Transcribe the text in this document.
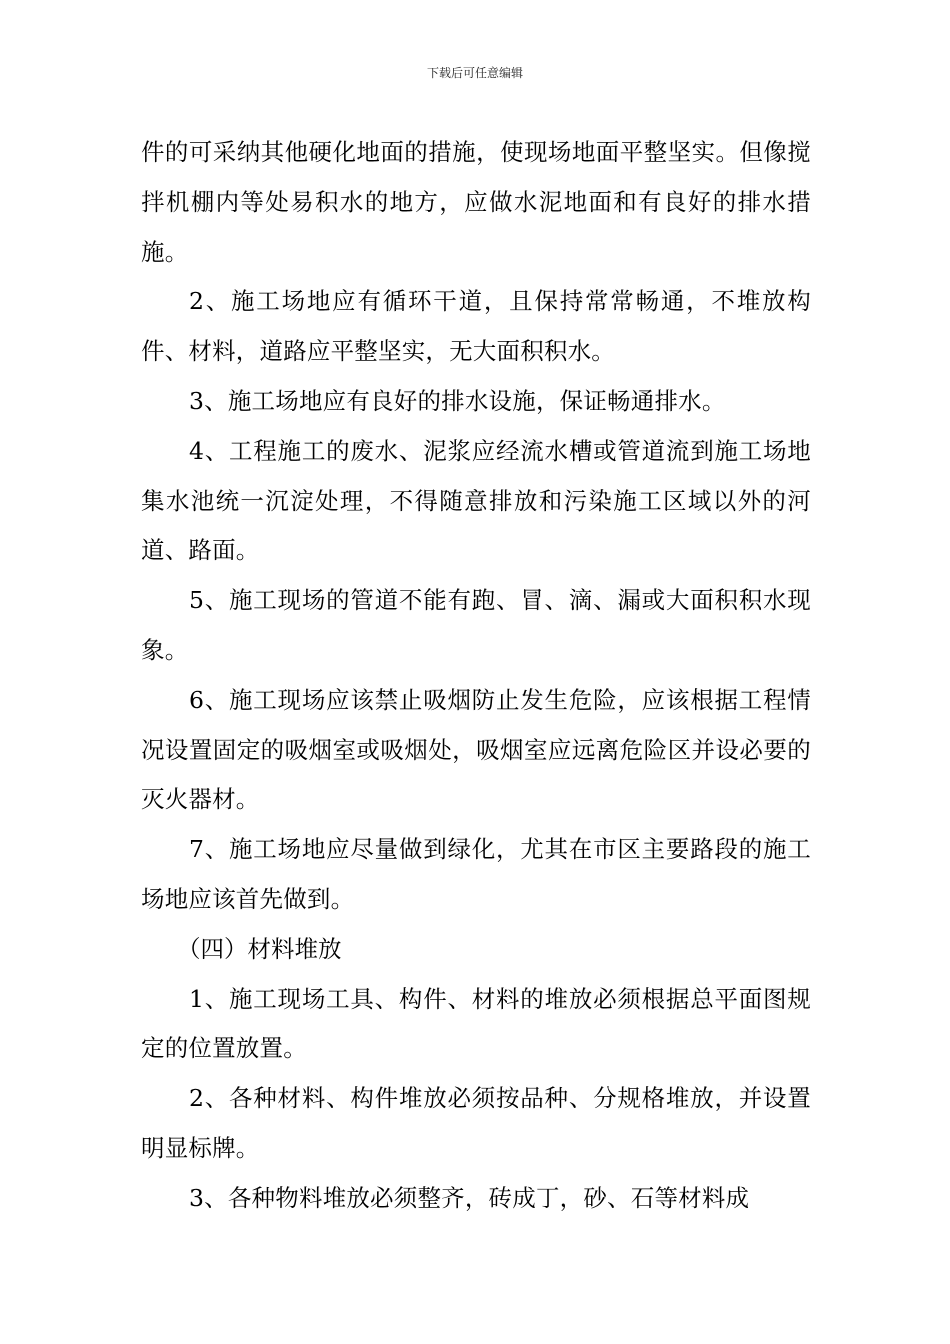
下载后可任意编辑

件的可采纳其他硬化地面的措施，使现场地面平整坚实。但像搅拌机棚内等处易积水的地方，应做水泥地面和有良好的排水措施。

2、施工场地应有循环干道，且保持常常畅通，不堆放构件、材料，道路应平整坚实，无大面积积水。

3、施工场地应有良好的排水设施，保证畅通排水。

4、工程施工的废水、泥浆应经流水槽或管道流到施工场地集水池统一沉淀处理，不得随意排放和污染施工区域以外的河道、路面。

5、施工现场的管道不能有跑、冒、滴、漏或大面积积水现象。

6、施工现场应该禁止吸烟防止发生危险，应该根据工程情况设置固定的吸烟室或吸烟处，吸烟室应远离危险区并设必要的灭火器材。

7、施工场地应尽量做到绿化，尤其在市区主要路段的施工场地应该首先做到。

（四）材料堆放

1、施工现场工具、构件、材料的堆放必须根据总平面图规定的位置放置。

2、各种材料、构件堆放必须按品种、分规格堆放，并设置明显标牌。

3、各种物料堆放必须整齐，砖成丁，砂、石等材料成
